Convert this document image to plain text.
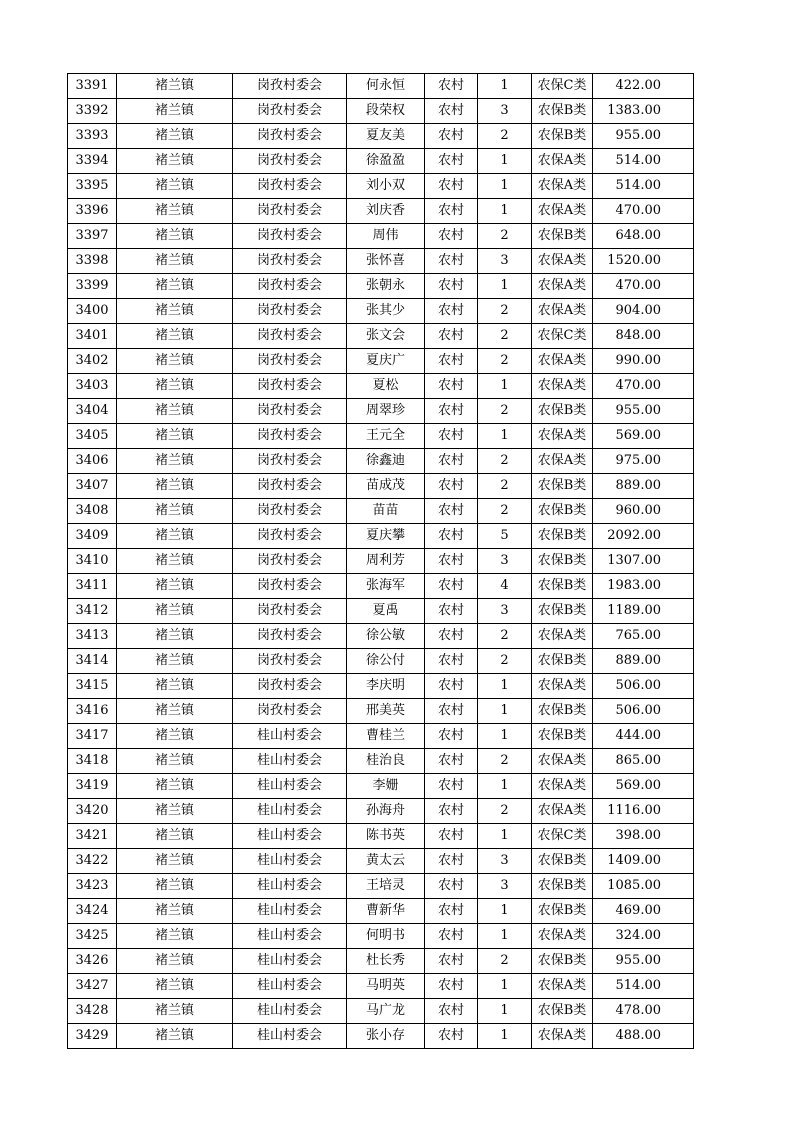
3391	褚兰镇	岗孜村委会	何永恒	农村	1	农保C类	422.00
3392	褚兰镇	岗孜村委会	段荣权	农村	3	农保B类	1383.00
3393	褚兰镇	岗孜村委会	夏友美	农村	2	农保B类	955.00
3394	褚兰镇	岗孜村委会	徐盈盈	农村	1	农保A类	514.00
3395	褚兰镇	岗孜村委会	刘小双	农村	1	农保A类	514.00
3396	褚兰镇	岗孜村委会	刘庆香	农村	1	农保A类	470.00
3397	褚兰镇	岗孜村委会	周伟	农村	2	农保B类	648.00
3398	褚兰镇	岗孜村委会	张怀喜	农村	3	农保A类	1520.00
3399	褚兰镇	岗孜村委会	张朝永	农村	1	农保A类	470.00
3400	褚兰镇	岗孜村委会	张其少	农村	2	农保A类	904.00
3401	褚兰镇	岗孜村委会	张文会	农村	2	农保C类	848.00
3402	褚兰镇	岗孜村委会	夏庆广	农村	2	农保A类	990.00
3403	褚兰镇	岗孜村委会	夏松	农村	1	农保A类	470.00
3404	褚兰镇	岗孜村委会	周翠珍	农村	2	农保B类	955.00
3405	褚兰镇	岗孜村委会	王元全	农村	1	农保A类	569.00
3406	褚兰镇	岗孜村委会	徐鑫迪	农村	2	农保A类	975.00
3407	褚兰镇	岗孜村委会	苗成茂	农村	2	农保B类	889.00
3408	褚兰镇	岗孜村委会	苗苗	农村	2	农保B类	960.00
3409	褚兰镇	岗孜村委会	夏庆攀	农村	5	农保B类	2092.00
3410	褚兰镇	岗孜村委会	周利芳	农村	3	农保B类	1307.00
3411	褚兰镇	岗孜村委会	张海军	农村	4	农保B类	1983.00
3412	褚兰镇	岗孜村委会	夏禹	农村	3	农保B类	1189.00
3413	褚兰镇	岗孜村委会	徐公敏	农村	2	农保A类	765.00
3414	褚兰镇	岗孜村委会	徐公付	农村	2	农保B类	889.00
3415	褚兰镇	岗孜村委会	李庆明	农村	1	农保A类	506.00
3416	褚兰镇	岗孜村委会	邢美英	农村	1	农保B类	506.00
3417	褚兰镇	桂山村委会	曹桂兰	农村	1	农保B类	444.00
3418	褚兰镇	桂山村委会	桂治良	农村	2	农保A类	865.00
3419	褚兰镇	桂山村委会	李姗	农村	1	农保A类	569.00
3420	褚兰镇	桂山村委会	孙海舟	农村	2	农保A类	1116.00
3421	褚兰镇	桂山村委会	陈书英	农村	1	农保C类	398.00
3422	褚兰镇	桂山村委会	黄太云	农村	3	农保B类	1409.00
3423	褚兰镇	桂山村委会	王培灵	农村	3	农保B类	1085.00
3424	褚兰镇	桂山村委会	曹新华	农村	1	农保B类	469.00
3425	褚兰镇	桂山村委会	何明书	农村	1	农保A类	324.00
3426	褚兰镇	桂山村委会	杜长秀	农村	2	农保B类	955.00
3427	褚兰镇	桂山村委会	马明英	农村	1	农保A类	514.00
3428	褚兰镇	桂山村委会	马广龙	农村	1	农保B类	478.00
3429	褚兰镇	桂山村委会	张小存	农村	1	农保A类	488.00
